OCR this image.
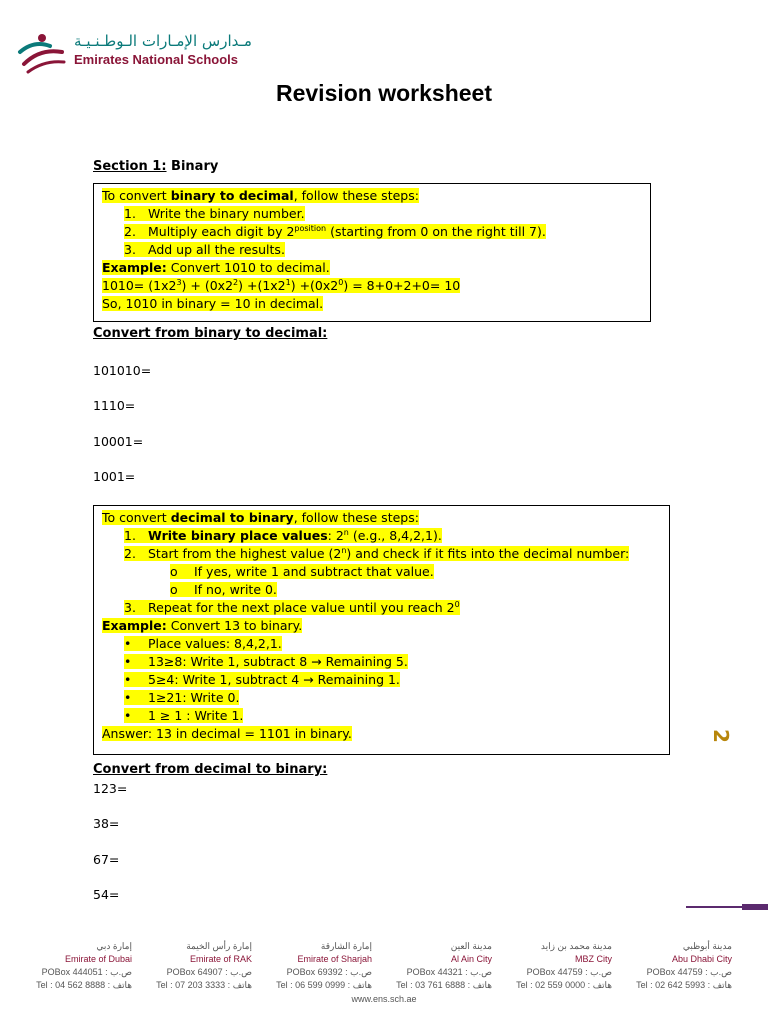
مـدارس الإمـارات الـوطـنـيـة
Emirates National Schools
Revision worksheet
Section 1: Binary
To convert binary to decimal, follow these steps:
1. Write the binary number.
2. Multiply each digit by $2^{position}$ (starting from 0 on the right till 7).
3. Add up all the results.
Example: Convert 1010 to decimal.
$1010= (1x2^3) + (0x2^2) +(1x2^1) +(0x2^0) = 8+0+2+0= 10$
So, 1010 in binary = 10 in decimal.
Convert from binary to decimal:
101010=
1110=
10001=
1001=
To convert decimal to binary, follow these steps:
1. Write binary place values: 2$^n$ (e.g., 8,4,2,1).
2. Start from the highest value (2$^n$) and check if it fits into the decimal number:
o If yes, write 1 and subtract that value.
o If no, write 0.
3. Repeat for the next place value until you reach $2^0$
Example: Convert 13 to binary.
• Place values: 8,4,2,1.
• 13≥8: Write 1, subtract 8 → Remaining 5.
• 5≥4: Write 1, subtract 4 → Remaining 1.
• 1≥21: Write 0.
• 1 ≥ 1 : Write 1.
Answer: 13 in decimal = 1101 in binary.	2
Convert from decimal to binary:
123=
38=
67=
54=
مدينة أبوظبي
Abu Dhabi City
POBox 44759 : ص.ب
Tel : 02 642 5993 : هاتف
مدينة محمد بن زايد
MBZ City
POBox 44759 : ص.ب
Tel : 02 559 0000 : هاتف
مدينة العين
Al Ain City
POBox 44321 : ص.ب
Tel : 03 761 6888 : هاتف
إمارة الشارقة
Emirate of Sharjah
POBox 69392 : ص.ب
Tel : 06 599 0999 : هاتف
إمارة رأس الخيمة
Emirate of RAK
POBox 64907 : ص.ب
Tel : 07 203 3333 : هاتف
إمارة دبي
Emirate of Dubai
POBox 444051 : ص.ب
Tel : 04 562 8888 : هاتف
www.ens.sch.ae
